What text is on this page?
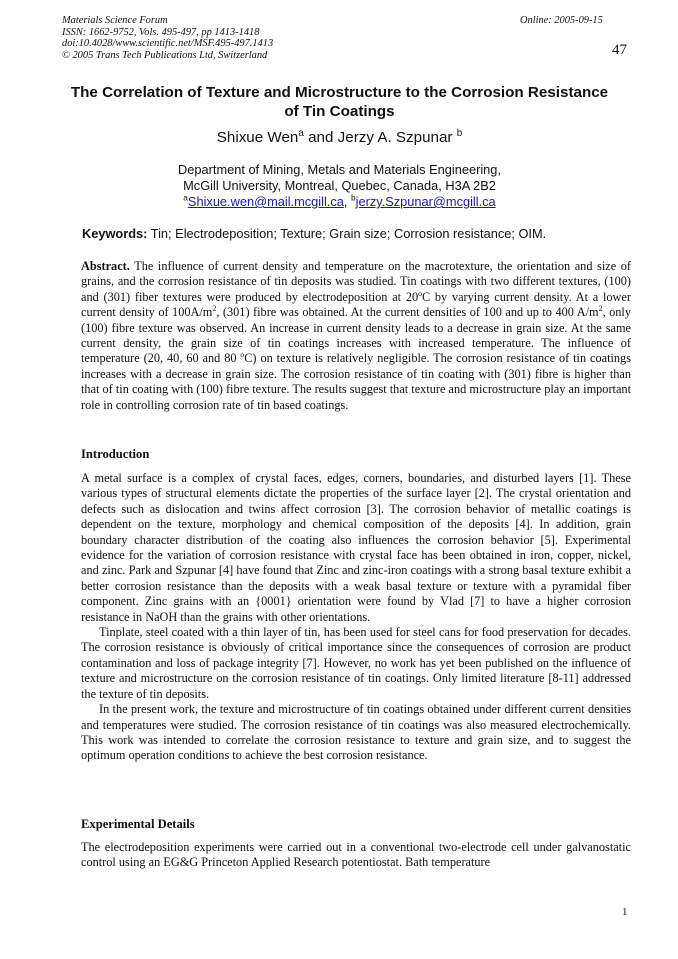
Materials Science Forum
ISSN: 1662-9752, Vols. 495-497, pp 1413-1418
doi:10.4028/www.scientific.net/MSF.495-497.1413
© 2005 Trans Tech Publications Ltd, Switzerland
Online: 2005-09-15
47
The Correlation of Texture and Microstructure to the Corrosion Resistance of Tin Coatings
Shixue Wen$^a$ and Jerzy A. Szpunar $^b$
Department of Mining, Metals and Materials Engineering,
McGill University, Montreal, Quebec, Canada, H3A 2B2
$^a$Shixue.wen@mail.mcgill.ca, $^b$jerzy.Szpunar@mcgill.ca
Keywords: Tin; Electrodeposition; Texture; Grain size; Corrosion resistance; OIM.

Abstract. The influence of current density and temperature on the macrotexture, the orientation and size of grains, and the corrosion resistance of tin deposits was studied. Tin coatings with two different textures, (100) and (301) fiber textures were produced by electrodeposition at 20ºC by varying current density. At a lower current density of $100A/m^2$, (301) fibre was obtained. At the current densities of 100 and up to 400 $A/m^2$, only (100) fibre texture was observed. An increase in current density leads to a decrease in grain size. At the same current density, the grain size of tin coatings increases with increased temperature. The influence of temperature (20, 40, 60 and 80 ºC) on texture is relatively negligible. The corrosion resistance of tin coatings increases with a decrease in grain size. The corrosion resistance of tin coating with (301) fibre is higher than that of tin coating with (100) fibre texture. The results suggest that texture and microstructure play an important role in controlling corrosion rate of tin based coatings.

Introduction

A metal surface is a complex of crystal faces, edges, corners, boundaries, and disturbed layers [1]. These various types of structural elements dictate the properties of the surface layer [2]. The crystal orientation and defects such as dislocation and twins affect corrosion [3]. The corrosion behavior of metallic coatings is dependent on the texture, morphology and chemical composition of the deposits [4]. In addition, grain boundary character distribution of the coating also influences the corrosion behavior [5]. Experimental evidence for the variation of corrosion resistance with crystal face has been obtained in iron, copper, nickel, and zinc. Park and Szpunar [4] have found that Zinc and zinc-iron coatings with a strong basal texture exhibit a better corrosion resistance than the deposits with a weak basal texture or texture with a pyramidal fiber component. Zinc grains with an {0001} orientation were found by Vlad [7] to have a higher corrosion resistance in NaOH than the grains with other orientations.

Tinplate, steel coated with a thin layer of tin, has been used for steel cans for food preservation for decades. The corrosion resistance is obviously of critical importance since the consequences of corrosion are product contamination and loss of package integrity [7]. However, no work has yet been published on the influence of texture and microstructure on the corrosion resistance of tin coatings. Only limited literature [8-11] addressed the texture of tin deposits.

In the present work, the texture and microstructure of tin coatings obtained under different current densities and temperatures were studied. The corrosion resistance of tin coatings was also measured electrochemically. This work was intended to correlate the corrosion resistance to texture and grain size, and to suggest the optimum operation conditions to achieve the best corrosion resistance.

Experimental Details

The electrodeposition experiments were carried out in a conventional two-electrode cell under galvanostatic control using an EG&G Princeton Applied Research potentiostat. Bath temperature

1
